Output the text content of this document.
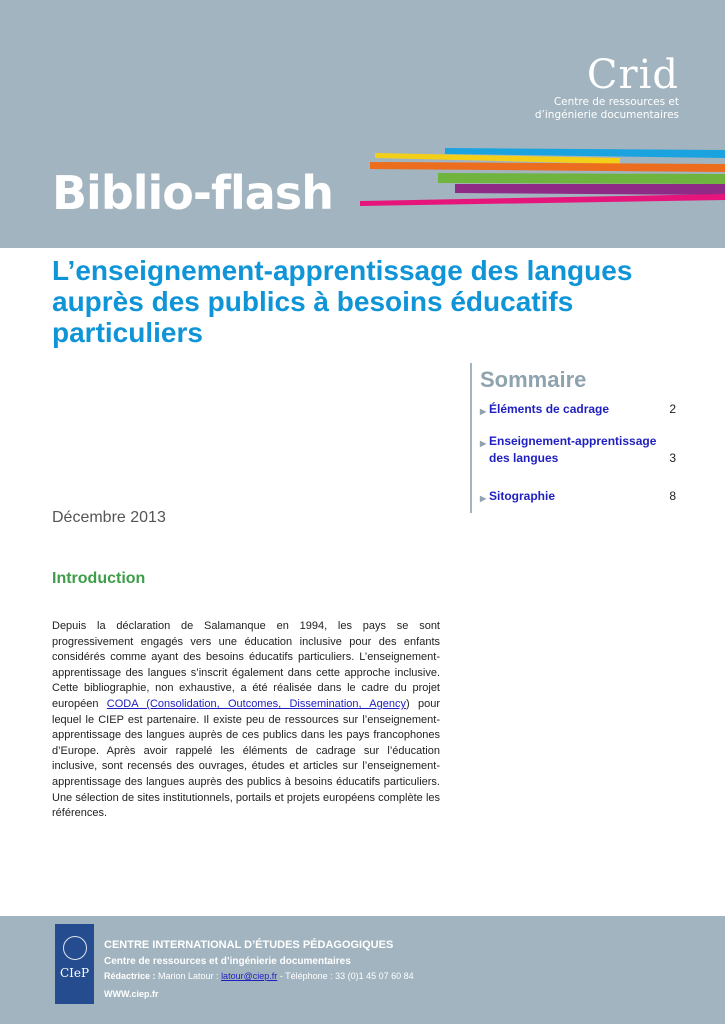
Crid
Centre de ressources et
d’ingénierie documentaires
Biblio-flash
L’enseignement-apprentissage des langues auprès des publics à besoins éducatifs particuliers
Sommaire
▶ Éléments de cadrage	2
▶ Enseignement-apprentissage des langues	3
▶ Sitographie	8
Décembre 2013
Introduction
Depuis la déclaration de Salamanque en 1994, les pays se sont progressivement engagés vers une éducation inclusive pour des enfants considérés comme ayant des besoins éducatifs particuliers. L’enseignement-apprentissage des langues s’inscrit également dans cette approche inclusive. Cette bibliographie, non exhaustive, a été réalisée dans le cadre du projet européen CODA (Consolidation, Outcomes, Dissemination, Agency) pour lequel le CIEP est partenaire. Il existe peu de ressources sur l’enseignement-apprentissage des langues auprès de ces publics dans les pays francophones d’Europe. Après avoir rappelé les éléments de cadrage sur l’éducation inclusive, sont recensés des ouvrages, études et articles sur l’enseignement-apprentissage des langues auprès des publics à besoins éducatifs particuliers. Une sélection de sites institutionnels, portails et projets européens complète les références.
CIeP
CENTRE INTERNATIONAL D’ÉTUDES PÉDAGOGIQUES
Centre de ressources et d’ingénierie documentaires
Rédactrice : Marion Latour : latour@ciep.fr - Téléphone : 33 (0)1 45 07 60 84
WWW.ciep.fr
